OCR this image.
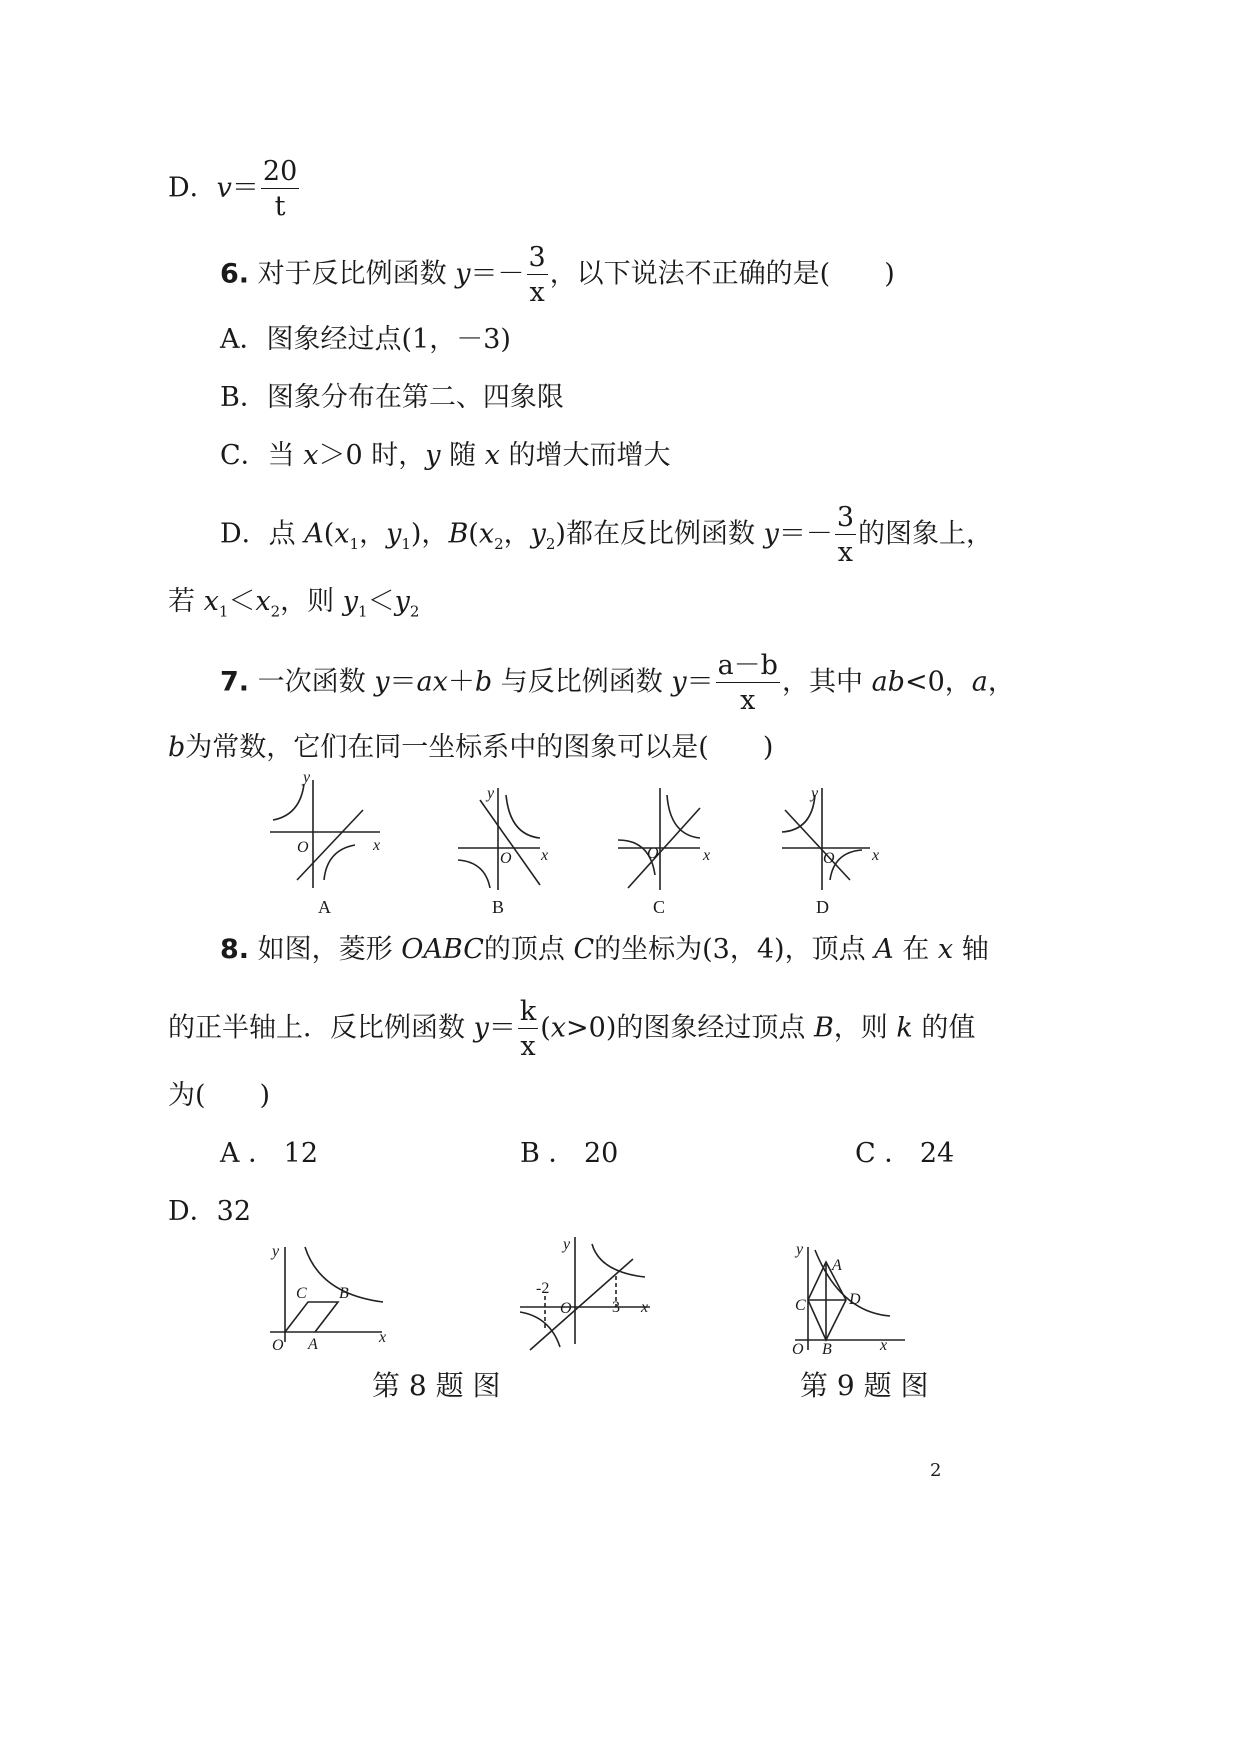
D．$v= \frac{20}{t}$
6. 对于反比例函数 $y=- \frac{3}{x}$ ，以下说法不正确的是(　　)
A．图象经过点(1，－3)
B．图象分布在第二、四象限
C．当 x＞0 时，y 随 x 的增大而增大
D．点 $A(x_1$，$y_1$)，$B(x_2$，$y_2$)都在反比例函数 $y=- \frac{3}{x}$ 的图象上，
若 $x_1<x_2$，则 $y_1<y_2$
7. 一次函数 y＝ax＋b 与反比例函数 $y= \frac{a-b}{x}$ ，其中 ab<0，a，
b为常数，它们在同一坐标系中的图象可以是(　　)
y
x
O
y
x
O	O	x
y
x
O
A	B	C	D
8. 如图，菱形 OABC的顶点 C的坐标为(3，4)，顶点 A 在 x 轴
的正半轴上．反比例函数 $y= \frac{k}{x} (x>0)$的图象经过顶点 B，则 k 的值
为(　　)
A ． 12	B ． 20	C ． 24
D．32
y
x
O A
B
C
y
x
O
-2
3
y
x
O
A
B
C	D
第 8 题 图	第 9 题 图
2
